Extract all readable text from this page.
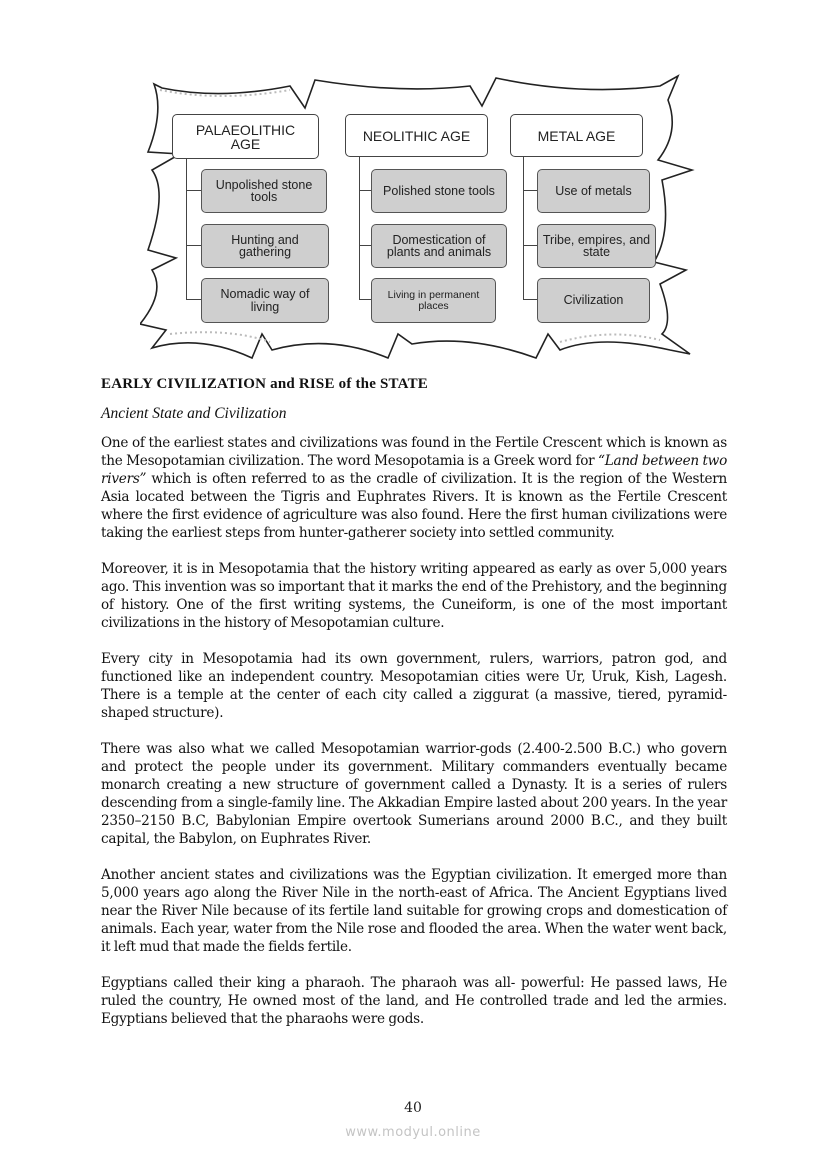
PALAEOLITHIC
AGE
Unpolished stone tools
Hunting and gathering
Nomadic way of living
NEOLITHIC AGE
Polished stone tools
Domestication of plants and animals
Living in permanent places
METAL AGE
Use of metals
Tribe, empires, and state
Civilization
EARLY CIVILIZATION and RISE of the STATE
Ancient State and Civilization

One of the earliest states and civilizations was found in the Fertile Crescent which is known as the Mesopotamian civilization. The word Mesopotamia is a Greek word for “Land between two rivers” which is often referred to as the cradle of civilization. It is the region of the Western Asia located between the Tigris and Euphrates Rivers. It is known as the Fertile Crescent where the first evidence of agriculture was also found. Here the first human civilizations were taking the earliest steps from hunter-gatherer society into settled community.

Moreover, it is in Mesopotamia that the history writing appeared as early as over 5,000 years ago. This invention was so important that it marks the end of the Prehistory, and the beginning of history. One of the first writing systems, the Cuneiform, is one of the most important civilizations in the history of Mesopotamian culture.

Every city in Mesopotamia had its own government, rulers, warriors, patron god, and functioned like an independent country. Mesopotamian cities were Ur, Uruk, Kish, Lagesh. There is a temple at the center of each city called a ziggurat (a massive, tiered, pyramid-shaped structure).

There was also what we called Mesopotamian warrior-gods (2.400-2.500 B.C.) who govern and protect the people under its government. Military commanders eventually became monarch creating a new structure of government called a Dynasty. It is a series of rulers descending from a single-family line. The Akkadian Empire lasted about 200 years. In the year 2350–2150 B.C, Babylonian Empire overtook Sumerians around 2000 B.C., and they built capital, the Babylon, on Euphrates River.

Another ancient states and civilizations was the Egyptian civilization. It emerged more than 5,000 years ago along the River Nile in the north-east of Africa. The Ancient Egyptians lived near the River Nile because of its fertile land suitable for growing crops and domestication of animals. Each year, water from the Nile rose and flooded the area. When the water went back, it left mud that made the fields fertile.

Egyptians called their king a pharaoh. The pharaoh was all- powerful: He passed laws, He ruled the country, He owned most of the land, and He controlled trade and led the armies. Egyptians believed that the pharaohs were gods.

40
www.modyul.online
